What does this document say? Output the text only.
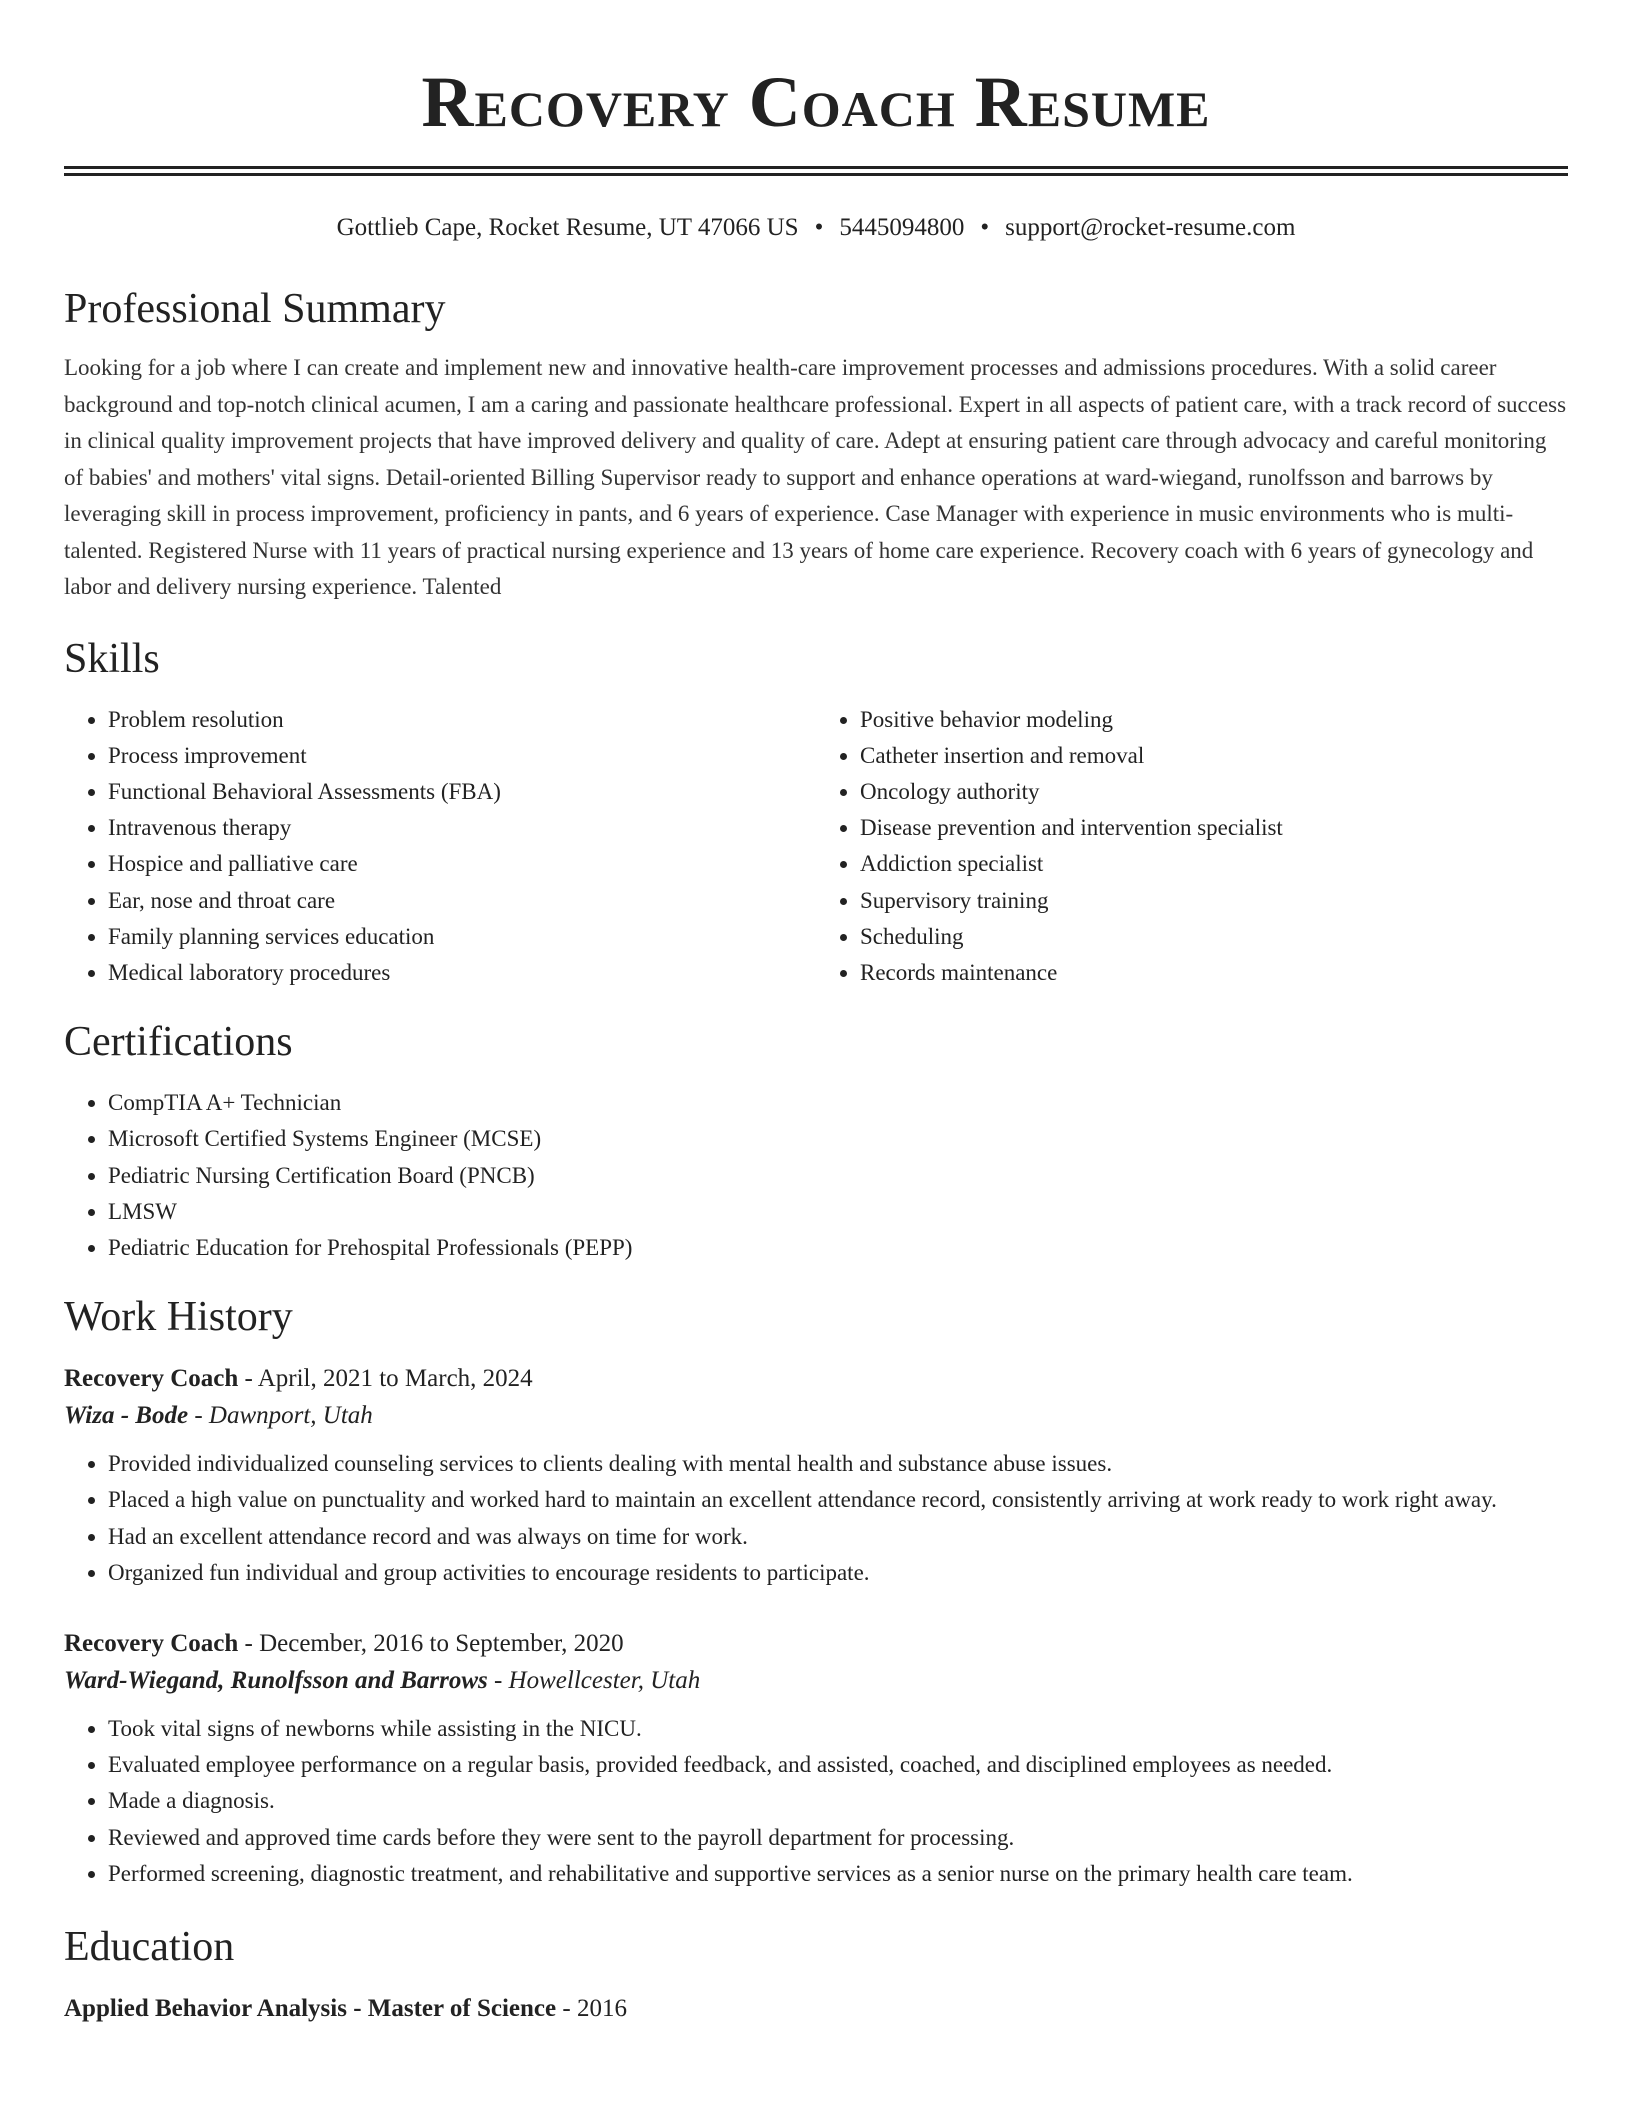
Recovery Coach Resume
Gottlieb Cape, Rocket Resume, UT 47066 US • 5445094800 • support@rocket-resume.com
Professional Summary

Looking for a job where I can create and implement new and innovative health-care improvement processes and admissions procedures. With a solid career background and top-notch clinical acumen, I am a caring and passionate healthcare professional. Expert in all aspects of patient care, with a track record of success in clinical quality improvement projects that have improved delivery and quality of care. Adept at ensuring patient care through advocacy and careful monitoring of babies' and mothers' vital signs. Detail-oriented Billing Supervisor ready to support and enhance operations at ward-wiegand, runolfsson and barrows by leveraging skill in process improvement, proficiency in pants, and 6 years of experience. Case Manager with experience in music environments who is multi-talented. Registered Nurse with 11 years of practical nursing experience and 13 years of home care experience. Recovery coach with 6 years of gynecology and labor and delivery nursing experience. Talented

Skills
• Problem resolution
• Process improvement
• Functional Behavioral Assessments (FBA)
• Intravenous therapy
• Hospice and palliative care
• Ear, nose and throat care
• Family planning services education
• Medical laboratory procedures
• Positive behavior modeling
• Catheter insertion and removal
• Oncology authority
• Disease prevention and intervention specialist
• Addiction specialist
• Supervisory training
• Scheduling
• Records maintenance
Certifications
• CompTIA A+ Technician
• Microsoft Certified Systems Engineer (MCSE)
• Pediatric Nursing Certification Board (PNCB)
• LMSW
• Pediatric Education for Prehospital Professionals (PEPP)
Work History
Recovery Coach - April, 2021 to March, 2024
Wiza - Bode - Dawnport, Utah
• Provided individualized counseling services to clients dealing with mental health and substance abuse issues.
• Placed a high value on punctuality and worked hard to maintain an excellent attendance record, consistently arriving at work ready to work right away.
• Had an excellent attendance record and was always on time for work.
• Organized fun individual and group activities to encourage residents to participate.
Recovery Coach - December, 2016 to September, 2020
Ward-Wiegand, Runolfsson and Barrows - Howellcester, Utah
• Took vital signs of newborns while assisting in the NICU.
• Evaluated employee performance on a regular basis, provided feedback, and assisted, coached, and disciplined employees as needed.
• Made a diagnosis.
• Reviewed and approved time cards before they were sent to the payroll department for processing.
• Performed screening, diagnostic treatment, and rehabilitative and supportive services as a senior nurse on the primary health care team.
Education
Applied Behavior Analysis - Master of Science - 2016
